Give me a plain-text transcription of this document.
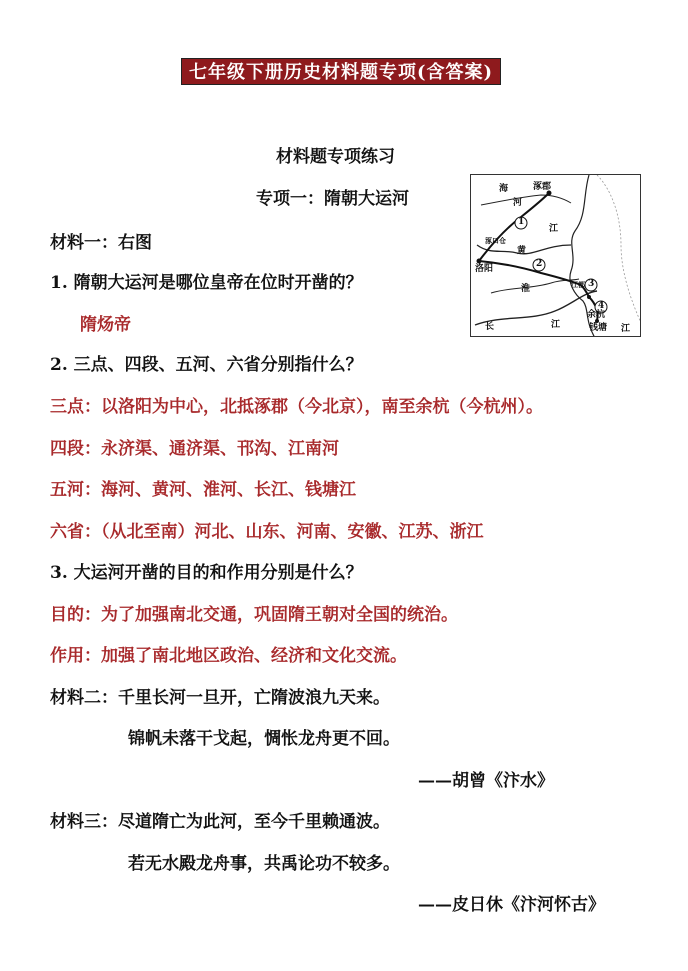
七年级下册历史材料题专项(含答案)
材料题专项练习
专项一：隋朝大运河	海	涿郡
河
涿口仓
洛阳
黄
淮
江
江都
余杭
长	江	钱塘 江
1
2
3
4
材料一：右图
1. 隋朝大运河是哪位皇帝在位时开凿的？
隋炀帝
2. 三点、四段、五河、六省分别指什么？
三点：以洛阳为中心，北抵涿郡（今北京），南至余杭（今杭州）。
四段：永济渠、通济渠、邗沟、江南河
五河：海河、黄河、淮河、长江、钱塘江
六省：（从北至南）河北、山东、河南、安徽、江苏、浙江
3. 大运河开凿的目的和作用分别是什么？
目的：为了加强南北交通，巩固隋王朝对全国的统治。
作用：加强了南北地区政治、经济和文化交流。
材料二：千里长河一旦开，亡隋波浪九天来。
锦帆未落干戈起，惆怅龙舟更不回。
——胡曾《汴水》
材料三：尽道隋亡为此河，至今千里赖通波。
若无水殿龙舟事，共禹论功不较多。
——皮日休《汴河怀古》
